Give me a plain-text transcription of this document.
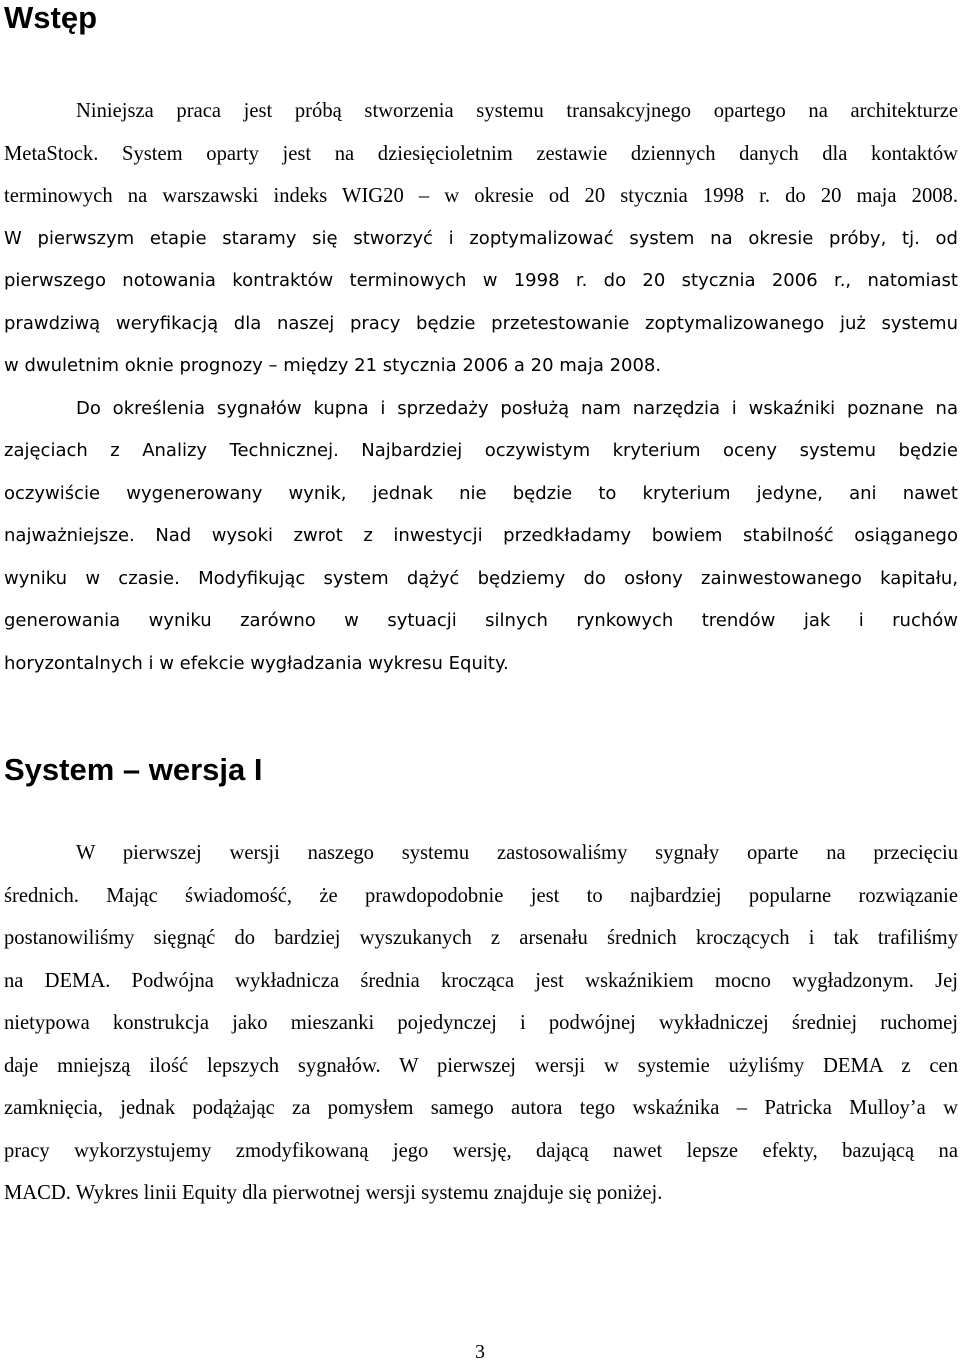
Wstęp
Niniejsza praca jest próbą stworzenia systemu transakcyjnego opartego na architekturze
MetaStock. System oparty jest na dziesięcioletnim zestawie dziennych danych dla kontaktów
terminowych na warszawski indeks WIG20 – w okresie od 20 stycznia 1998 r. do 20 maja 2008.
W pierwszym etapie staramy się stworzyć i zoptymalizować system na okresie próby, tj. od
pierwszego notowania kontraktów terminowych w 1998 r. do 20 stycznia 2006 r., natomiast
prawdziwą weryfikacją dla naszej pracy będzie przetestowanie zoptymalizowanego już systemu
w dwuletnim oknie prognozy – między 21 stycznia 2006 a 20 maja 2008.
Do określenia sygnałów kupna i sprzedaży posłużą nam narzędzia i wskaźniki poznane na
zajęciach z Analizy Technicznej. Najbardziej oczywistym kryterium oceny systemu będzie
oczywiście wygenerowany wynik, jednak nie będzie to kryterium jedyne, ani nawet
najważniejsze. Nad wysoki zwrot z inwestycji przedkładamy bowiem stabilność osiąganego
wyniku w czasie. Modyfikując system dążyć będziemy do osłony zainwestowanego kapitału,
generowania wyniku zarówno w sytuacji silnych rynkowych trendów jak i ruchów
horyzontalnych i w efekcie wygładzania wykresu Equity.
System – wersja I
W pierwszej wersji naszego systemu zastosowaliśmy sygnały oparte na przecięciu
średnich. Mając świadomość, że prawdopodobnie jest to najbardziej popularne rozwiązanie
postanowiliśmy sięgnąć do bardziej wyszukanych z arsenału średnich kroczących i tak trafiliśmy
na DEMA. Podwójna wykładnicza średnia krocząca jest wskaźnikiem mocno wygładzonym. Jej
nietypowa konstrukcja jako mieszanki pojedynczej i podwójnej wykładniczej średniej ruchomej
daje mniejszą ilość lepszych sygnałów. W pierwszej wersji w systemie użyliśmy DEMA z cen
zamknięcia, jednak podążając za pomysłem samego autora tego wskaźnika – Patricka Mulloy’a w
pracy wykorzystujemy zmodyfikowaną jego wersję, dającą nawet lepsze efekty, bazującą na
MACD. Wykres linii Equity dla pierwotnej wersji systemu znajduje się poniżej.
3
